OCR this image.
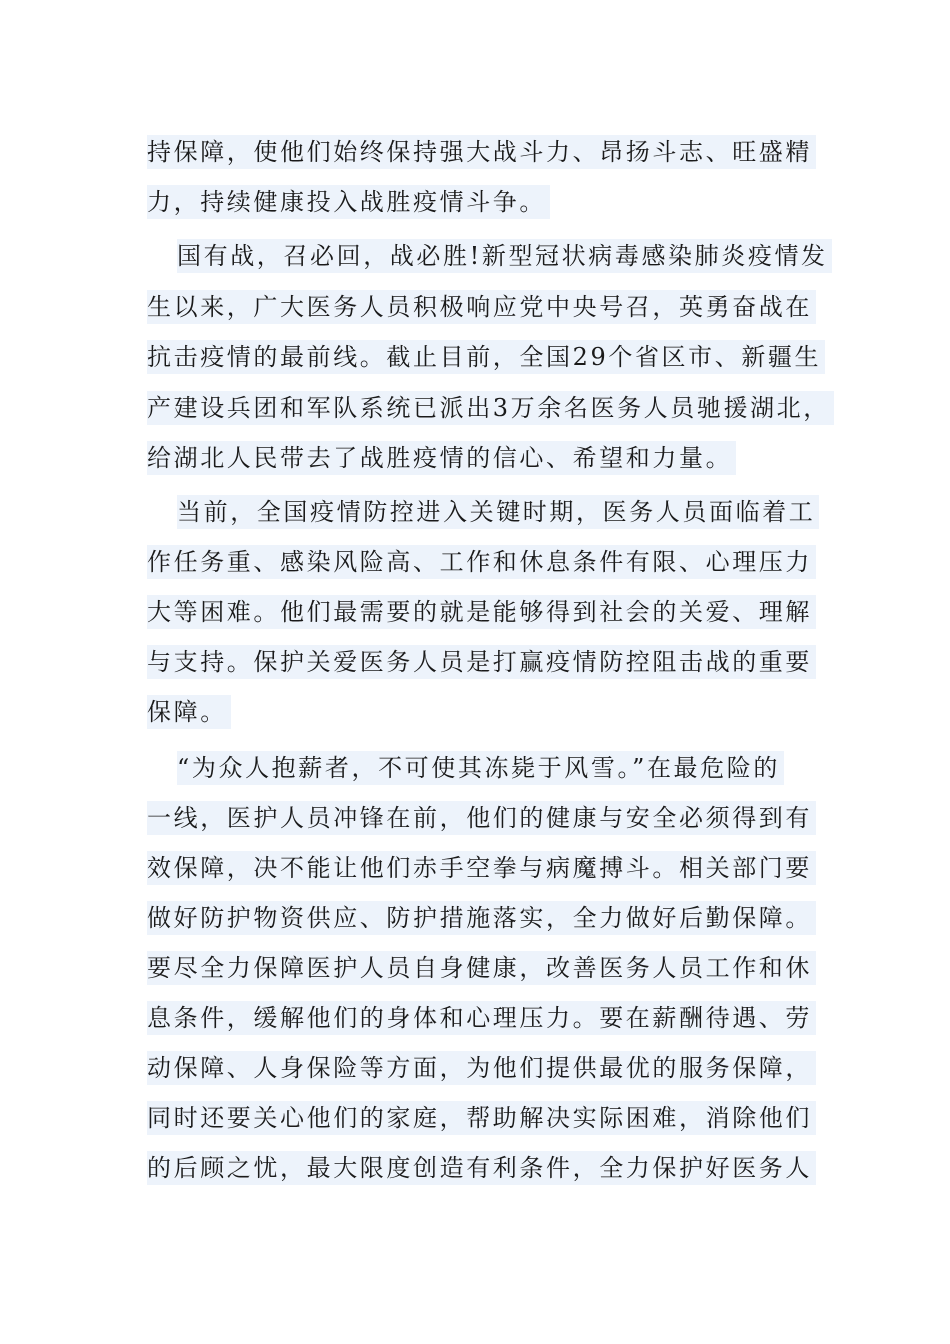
持保障，使他们始终保持强大战斗力、昂扬斗志、旺盛精
力，持续健康投入战胜疫情斗争。
国有战，召必回，战必胜!新型冠状病毒感染肺炎疫情发
生以来，广大医务人员积极响应党中央号召，英勇奋战在
抗击疫情的最前线。截止目前，全国29个省区市、新疆生
产建设兵团和军队系统已派出3万余名医务人员驰援湖北，
给湖北人民带去了战胜疫情的信心、希望和力量。
当前，全国疫情防控进入关键时期，医务人员面临着工
作任务重、感染风险高、工作和休息条件有限、心理压力
大等困难。他们最需要的就是能够得到社会的关爱、理解
与支持。保护关爱医务人员是打赢疫情防控阻击战的重要
保障。
“为众人抱薪者，不可使其冻毙于风雪。”在最危险的
一线，医护人员冲锋在前，他们的健康与安全必须得到有
效保障，决不能让他们赤手空拳与病魔搏斗。相关部门要
做好防护物资供应、防护措施落实，全力做好后勤保障。
要尽全力保障医护人员自身健康，改善医务人员工作和休
息条件，缓解他们的身体和心理压力。要在薪酬待遇、劳
动保障、人身保险等方面，为他们提供最优的服务保障，
同时还要关心他们的家庭，帮助解决实际困难，消除他们
的后顾之忧，最大限度创造有利条件，全力保护好医务人
